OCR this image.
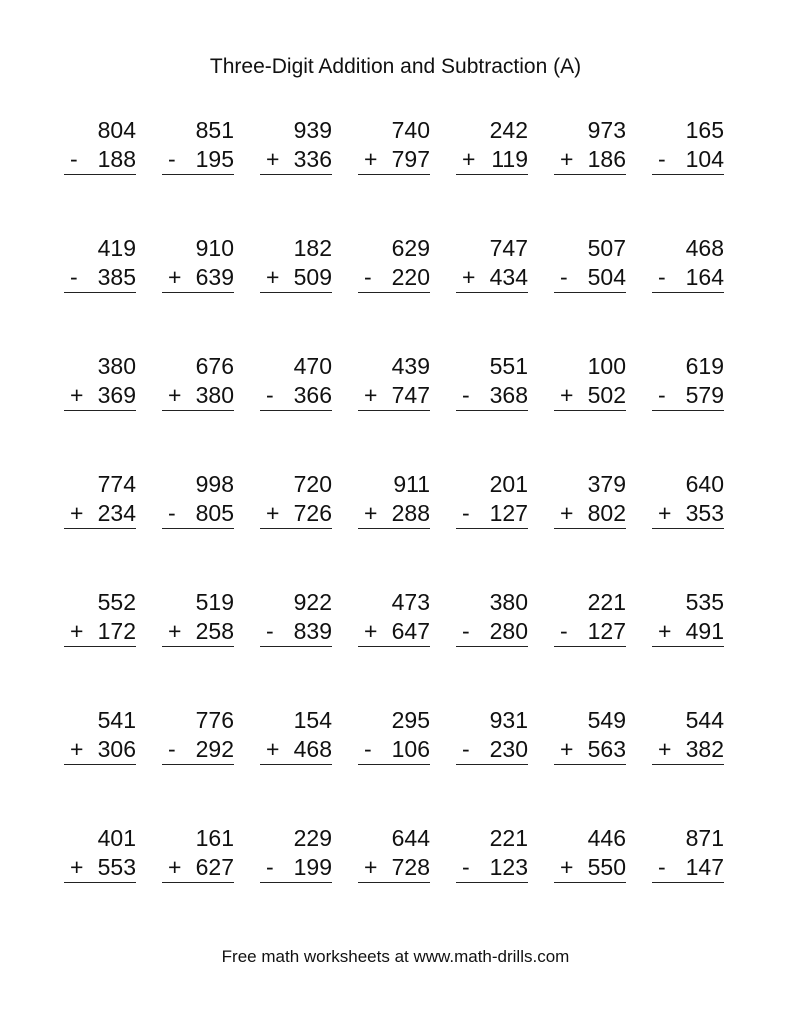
Three-Digit Addition and Subtraction (A)
804
- 188
851
- 195
939
+ 336
740
+ 797
242
+ 119
973
+ 186
165
- 104
419
- 385
910
+ 639
182
+ 509
629
- 220
747
+ 434
507
- 504
468
- 164
380
+ 369
676
+ 380
470
- 366
439
+ 747
551
- 368
100
+ 502
619
- 579
774
+ 234
998
- 805
720
+ 726
911
+ 288
201
- 127
379
+ 802
640
+ 353
552
+ 172
519
+ 258
922
- 839
473
+ 647
380
- 280
221
- 127
535
+ 491
541
+ 306
776
- 292
154
+ 468
295
- 106
931
- 230
549
+ 563
544
+ 382
401
+ 553
161
+ 627
229
- 199
644
+ 728
221
- 123
446
+ 550
871
- 147
Free math worksheets at www.math-drills.com
